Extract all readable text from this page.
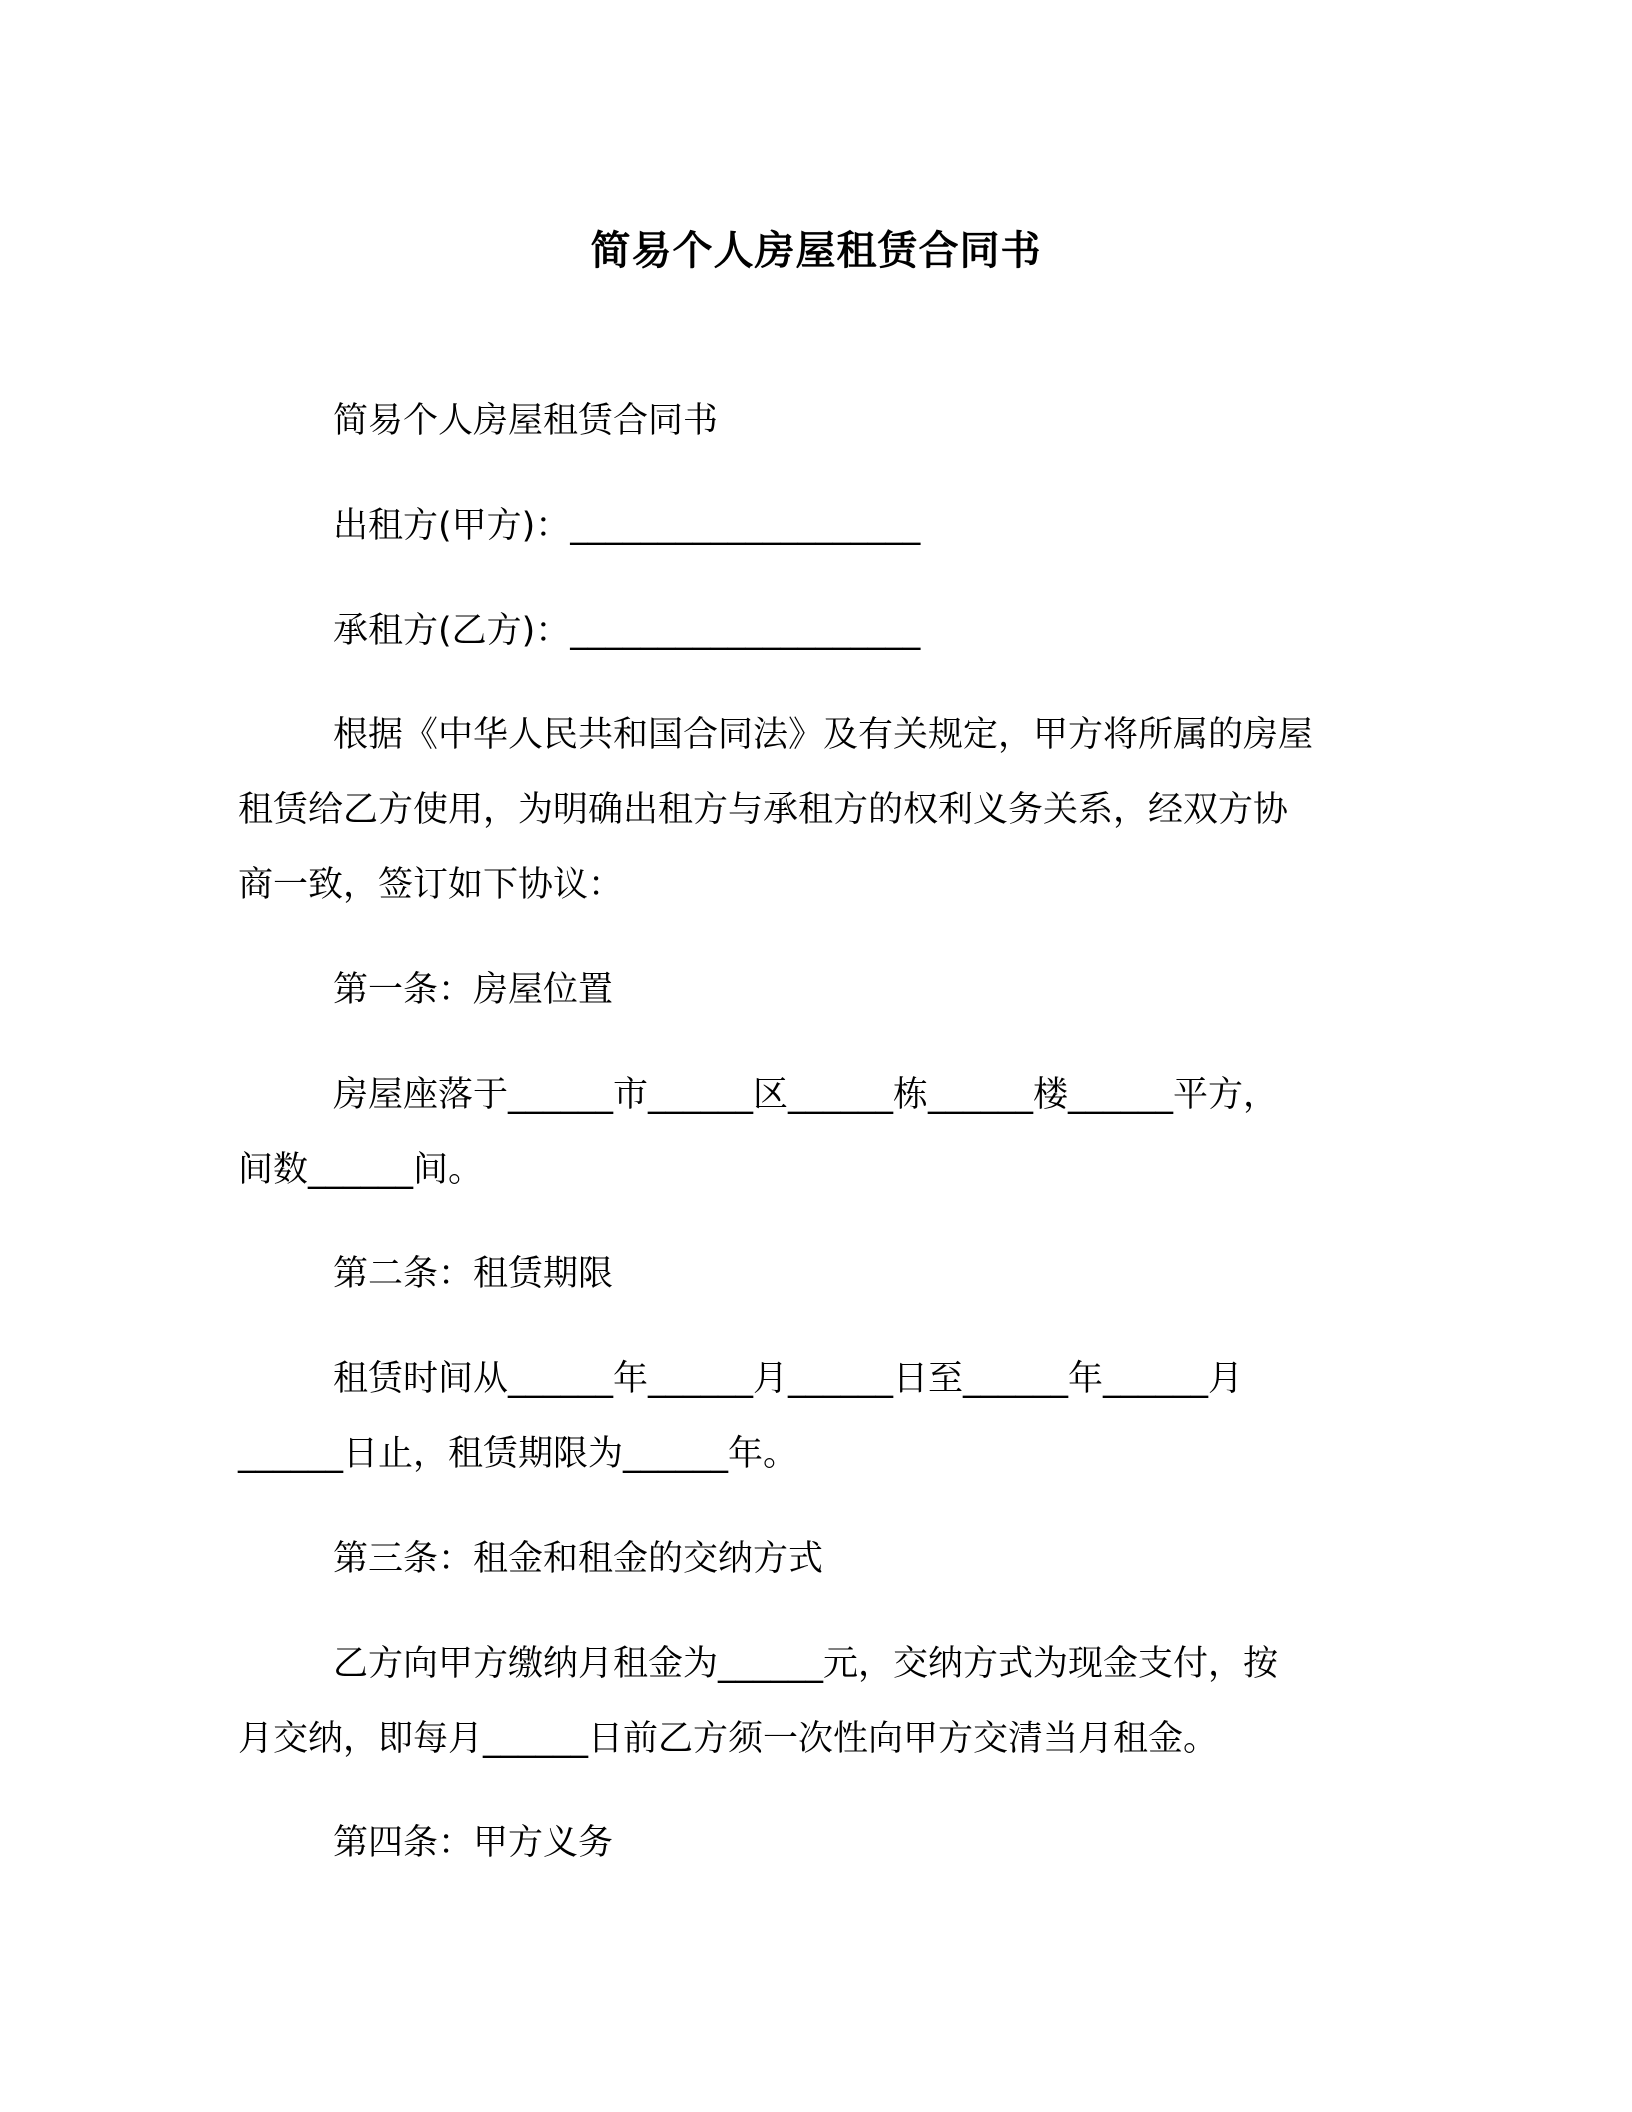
简易个人房屋租赁合同书
简易个人房屋租赁合同书
出租方(甲方)：____________________
承租方(乙方)：____________________
根据《中华人民共和国合同法》及有关规定，甲方将所属的房屋
租赁给乙方使用，为明确出租方与承租方的权利义务关系，经双方协
商一致，签订如下协议：
第一条：房屋位置
房屋座落于______市______区______栋______楼______平方，
间数______间。
第二条：租赁期限
租赁时间从______年______月______日至______年______月
______日止，租赁期限为______年。
第三条：租金和租金的交纳方式
乙方向甲方缴纳月租金为______元，交纳方式为现金支付，按
月交纳，即每月______日前乙方须一次性向甲方交清当月租金。
第四条：甲方义务
